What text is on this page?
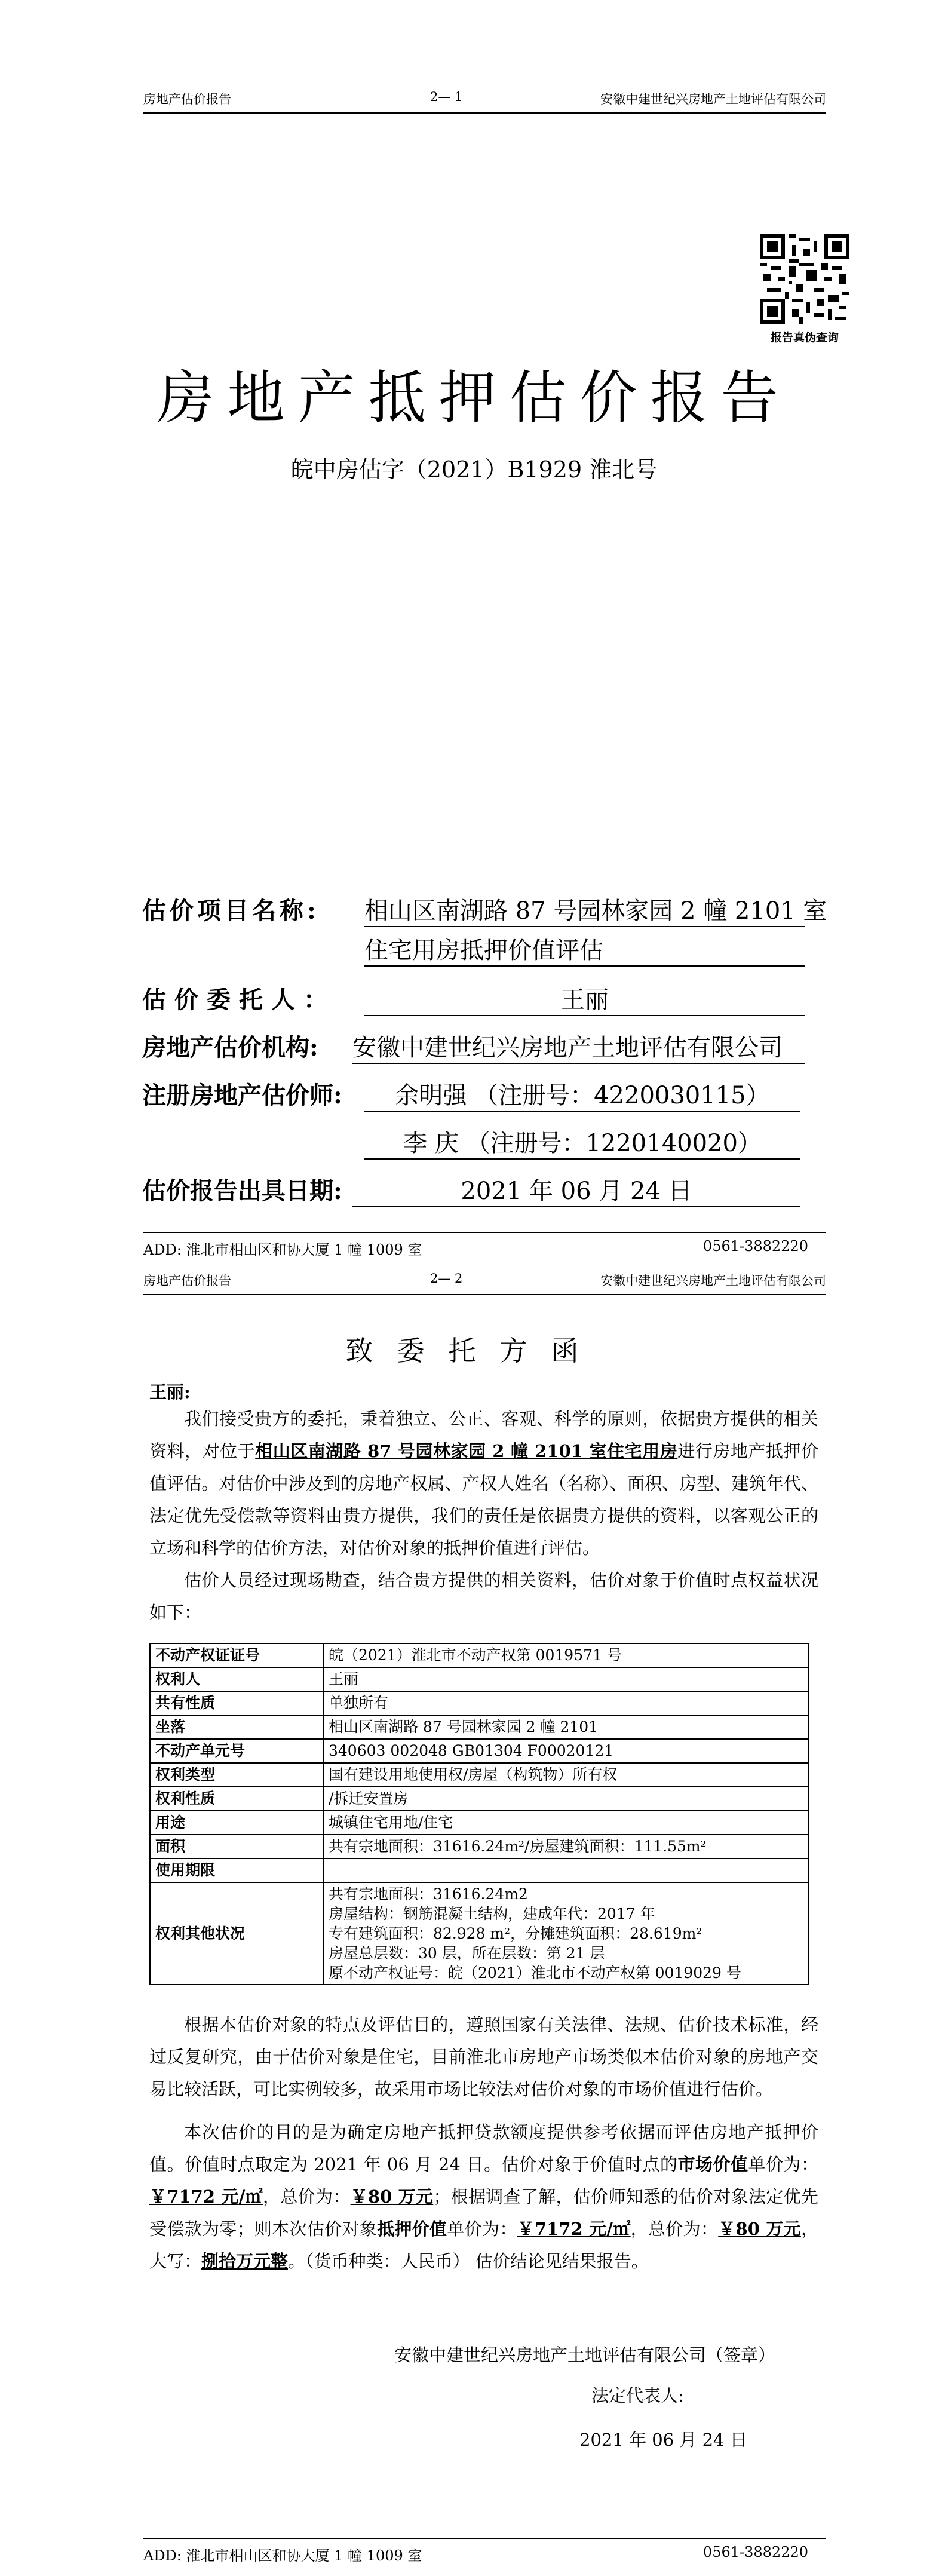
房地产估价报告	2— 1	安徽中建世纪兴房地产土地评估有限公司
报告真伪查询
房地产抵押估价报告
皖中房估字（2021）B1929 淮北号
估价项目名称: 相山区南湖路 87 号园林家园 2 幢 2101 室
住宅用房抵押价值评估
估价委托人：	王丽
房地产估价机构: 安徽中建世纪兴房地产土地评估有限公司
注册房地产估价师:	余明强 （注册号：4220030115）
李 庆 （注册号：1220140020）
估价报告出具日期:	2021 年 06 月 24 日
ADD: 淮北市相山区和协大厦 1 幢 1009 室	0561-3882220
房地产估价报告	2— 2	安徽中建世纪兴房地产土地评估有限公司
致委托方函
王丽:

我们接受贵方的委托，秉着独立、公正、客观、科学的原则，依据贵方提供的相关资料，对位于相山区南湖路 87 号园林家园 2 幢 2101 室住宅用房进行房地产抵押价值评估。对估价中涉及到的房地产权属、产权人姓名（名称）、面积、房型、建筑年代、法定优先受偿款等资料由贵方提供，我们的责任是依据贵方提供的资料，以客观公正的立场和科学的估价方法，对估价对象的抵押价值进行评估。

估价人员经过现场勘查，结合贵方提供的相关资料，估价对象于价值时点权益状况如下：

不动产权证证号	皖（2021）淮北市不动产权第 0019571 号
权利人	王丽
共有性质	单独所有
坐落	相山区南湖路 87 号园林家园 2 幢 2101
不动产单元号	340603 002048 GB01304 F00020121
权利类型	国有建设用地使用权/房屋（构筑物）所有权
权利性质	/拆迁安置房
用途	城镇住宅用地/住宅
面积	共有宗地面积：31616.24m²/房屋建筑面积：111.55m²
使用期限	
权利其他状况	共有宗地面积：31616.24m2
房屋结构：钢筋混凝土结构，建成年代：2017 年
专有建筑面积：82.928 m²，分摊建筑面积：28.619m²
房屋总层数：30 层，所在层数：第 21 层
原不动产权证号：皖（2021）淮北市不动产权第 0019029 号

根据本估价对象的特点及评估目的，遵照国家有关法律、法规、估价技术标准，经过反复研究，由于估价对象是住宅，目前淮北市房地产市场类似本估价对象的房地产交易比较活跃，可比实例较多，故采用市场比较法对估价对象的市场价值进行估价。

本次估价的目的是为确定房地产抵押贷款额度提供参考依据而评估房地产抵押价值。价值时点取定为 2021 年 06 月 24 日。估价对象于价值时点的市场价值单价为：￥7172 元/㎡，总价为：￥80 万元；根据调查了解，估价师知悉的估价对象法定优先受偿款为零；则本次估价对象抵押价值单价为：￥7172 元/㎡，总价为：￥80 万元，大写：捌拾万元整。（货币种类：人民币） 估价结论见结果报告。

安徽中建世纪兴房地产土地评估有限公司（签章）
法定代表人:
2021 年 06 月 24 日
ADD: 淮北市相山区和协大厦 1 幢 1009 室	0561-3882220
